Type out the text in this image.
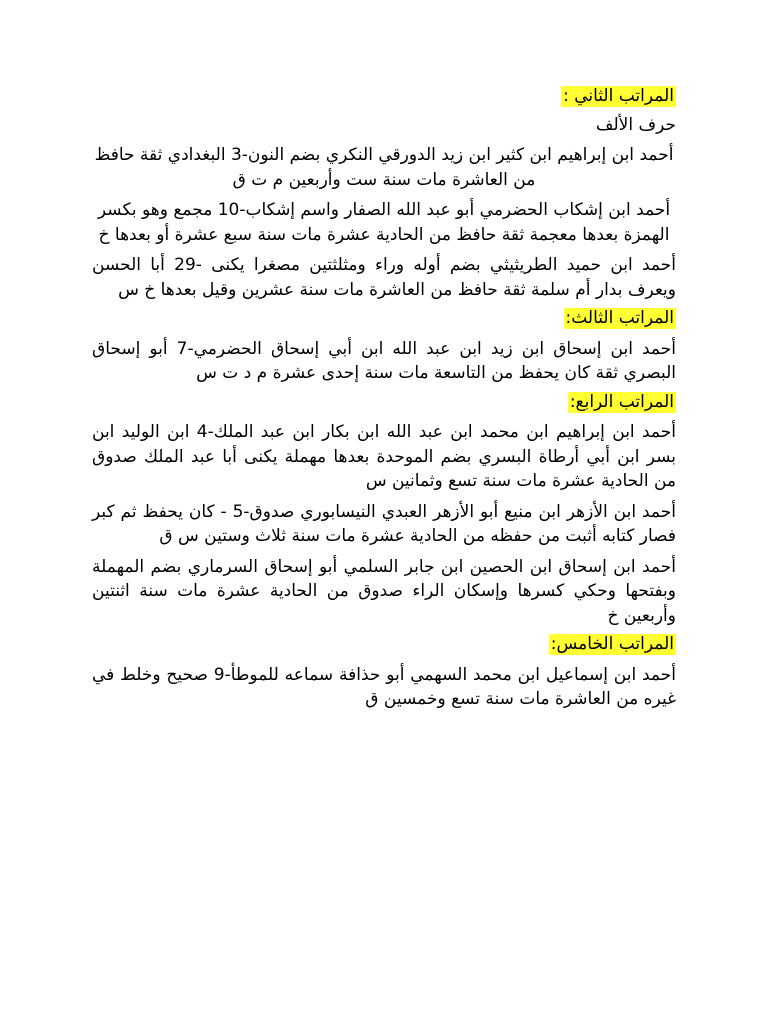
المراتب الثاني :

حرف الألف

أحمد ابن إبراهيم ابن كثير ابن زيد الدورقي النكري بضم النون-3 البغدادي ثقة حافظ من العاشرة مات سنة ست وأربعين م ت ق

أحمد ابن إشكاب الحضرمي أبو عبد الله الصفار واسم إشكاب-10 مجمع وهو بكسر الهمزة بعدها معجمة ثقة حافظ من الحادية عشرة مات سنة سبع عشرة أو بعدها خ

أحمد ابن حميد الطريثيثي بضم أوله وراء ومثلثتين مصغرا يكنى -29 أبا الحسن ويعرف بدار أم سلمة ثقة حافظ من العاشرة مات سنة عشرين وقيل بعدها خ س

المراتب الثالث:

أحمد ابن إسحاق ابن زيد ابن عبد الله ابن أبي إسحاق الحضرمي-7 أبو إسحاق البصري ثقة كان يحفظ من التاسعة مات سنة إحدى عشرة م د ت س

المراتب الرابع:

أحمد ابن إبراهيم ابن محمد ابن عبد الله ابن بكار ابن عبد الملك-4 ابن الوليد ابن بسر ابن أبي أرطاة البسري بضم الموحدة بعدها مهملة يكنى أبا عبد الملك صدوق من الحادية عشرة مات سنة تسع وثمانين س

أحمد ابن الأزهر ابن منيع أبو الأزهر العبدي النيسابوري صدوق-5 - كان يحفظ ثم كبر فصار كتابه أثبت من حفظه من الحادية عشرة مات سنة ثلاث وستين س ق

أحمد ابن إسحاق ابن الحصين ابن جابر السلمي أبو إسحاق السرماري بضم المهملة وبفتحها وحكي كسرها وإسكان الراء صدوق من الحادية عشرة مات سنة اثنتين وأربعين خ

المراتب الخامس:

أحمد ابن إسماعيل ابن محمد السهمي أبو حذافة سماعه للموطأ-9 صحيح وخلط في غيره من العاشرة مات سنة تسع وخمسين ق
